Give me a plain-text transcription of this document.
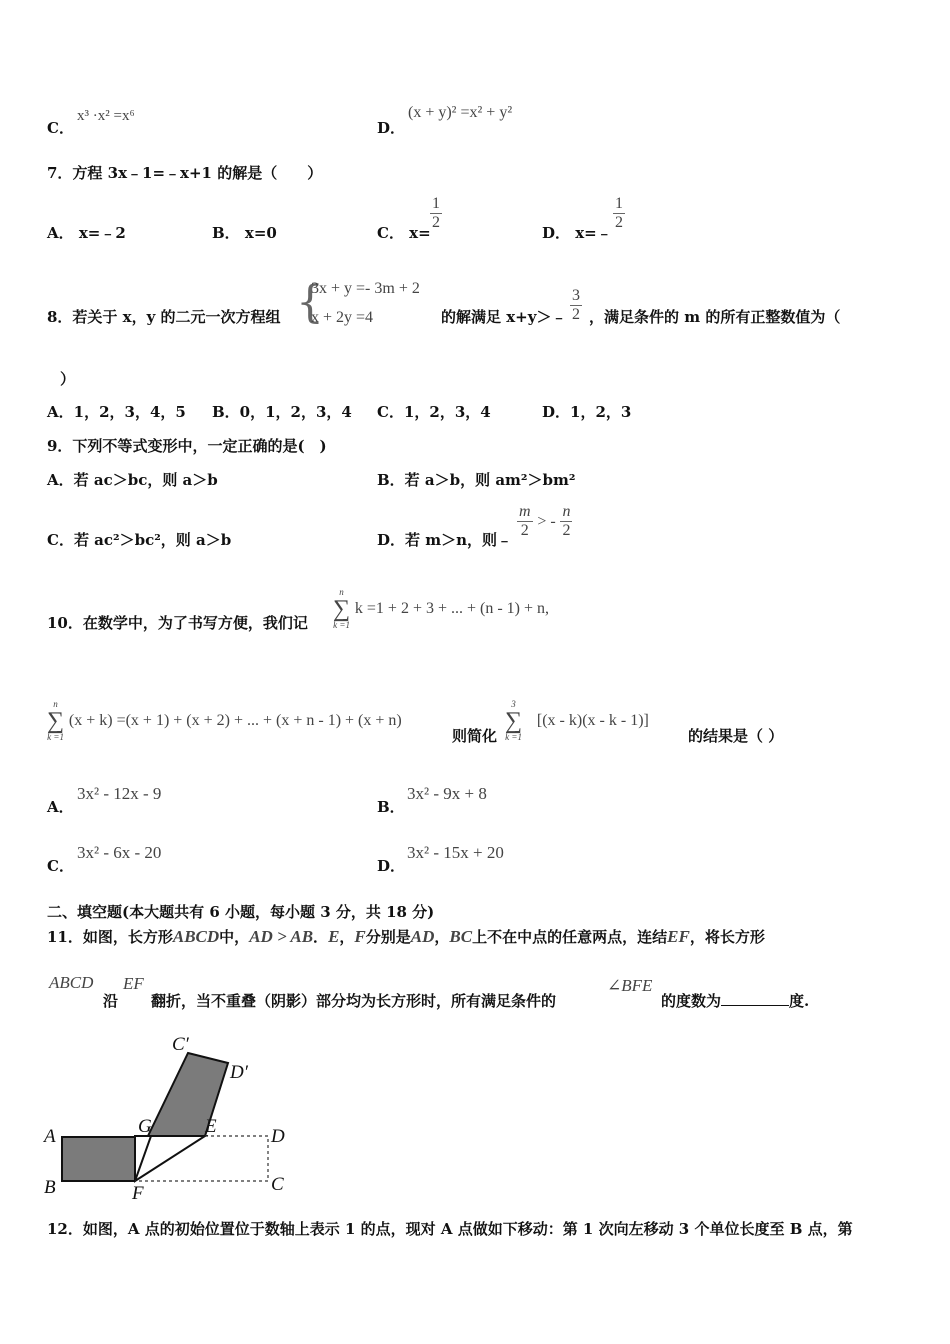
C．
x³ ·x² =x⁶
D．
(x + y)² =x² + y²
7．方程 3x﹣1=﹣x+1 的解是（　　）
A． x=﹣2	B． x=0	C． x=
$\frac{1}{2}$
D． x=﹣
$\frac{1}{2}$
8．若关于 x，y 的二元一次方程组 {
3x + y =- 3m + 2
x + 2y =4	的解满足 x+y＞﹣ $\frac{3}{2}$ ，满足条件的 m 的所有正整数值为（
）
A．1，2，3，4，5 B．0，1，2，3，4 C．1，2，3，4	D．1，2，3
9．下列不等式变形中，一定正确的是(　)
A．若 ac＞bc，则 a＞b	B．若 a＞b，则 am²＞bm²
C．若 ac²＞bc²，则 a＞b	D．若 m＞n，则﹣ $\frac{m}{2}$ > - $\frac{n}{2}$
10．在数学中，为了书写方便，我们记
n
∑
k =1
k =1 + 2 + 3 + ... + (n - 1) + n,
n
∑
k =1
(x + k) =(x + 1) + (x + 2) + ... + (x + n - 1) + (x + n)
则简化
3
∑
k =1
[(x - k)(x - k - 1)]
的结果是（ ）
A．
3x² - 12x - 9
B．
3x² - 9x + 8
C．
3x² - 6x - 20
D．
3x² - 15x + 20
二、填空题(本大题共有 6 小题，每小题 3 分，共 18 分)
11．如图，长方形ABCD中，AD > AB．E，F分别是AD，BC上不在中点的任意两点，连结EF，将长方形
ABCD
沿
EF
翻折，当不重叠（阴影）部分均为长方形时，所有满足条件的
∠BFE
的度数为	度.
A
B	F
G	E	D
C
C′
D′
12．如图，A 点的初始位置位于数轴上表示 1 的点，现对 A 点做如下移动：第 1 次向左移动 3 个单位长度至 B 点，第
